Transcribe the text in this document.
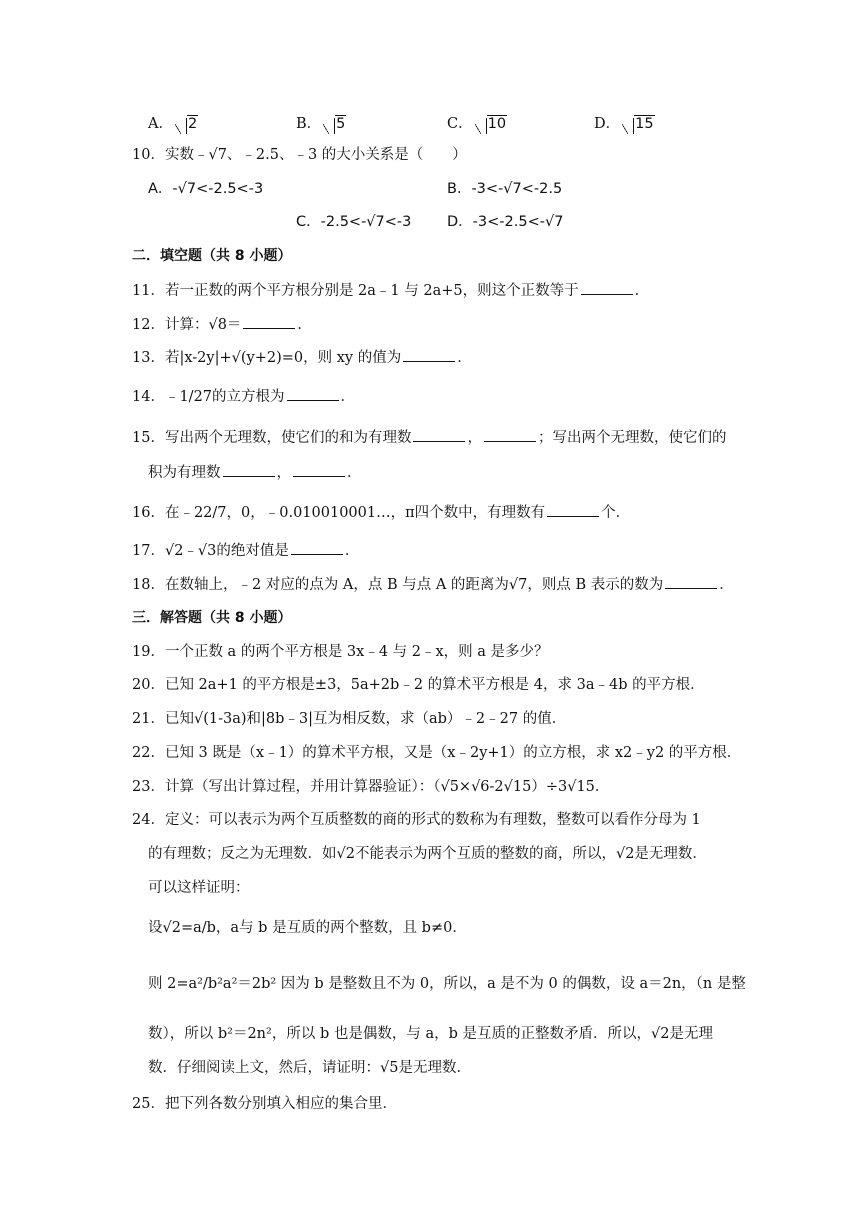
A． 2	B． 5	C． 10	D． 15
10．实数﹣√7、﹣2.5、﹣3 的大小关系是（　　）
A．-√7<-2.5<-3	B．-3<-√7<-2.5
C．-2.5<-√7<-3 D．-3<-2.5<-√7
二．填空题（共 8 小题）
11．若一正数的两个平方根分别是 2a﹣1 与 2a+5，则这个正数等于	．
12．计算：√8＝	．
13．若|x-2y|+√(y+2)=0，则 xy 的值为	．
14．﹣1/27的立方根为	．
15．写出两个无理数，使它们的和为有理数	，	；写出两个无理数，使它们的
积为有理数	，	．
16．在﹣22/7，0，﹣0.010010001…，π四个数中，有理数有	个．
17．√2﹣√3的绝对值是	．
18．在数轴上，﹣2 对应的点为 A，点 B 与点 A 的距离为√7，则点 B 表示的数为	．
三．解答题（共 8 小题）
19．一个正数 a 的两个平方根是 3x﹣4 与 2﹣x，则 a 是多少？
20．已知 2a+1 的平方根是±3，5a+2b﹣2 的算术平方根是 4，求 3a﹣4b 的平方根．
21．已知√(1-3a)和|8b﹣3|互为相反数，求（ab）﹣2﹣27 的值．
22．已知 3 既是（x﹣1）的算术平方根，又是（x﹣2y+1）的立方根，求 x2﹣y2 的平方根．
23．计算（写出计算过程，并用计算器验证）：（√5×√6-2√15）÷3√15．
24．定义：可以表示为两个互质整数的商的形式的数称为有理数，整数可以看作分母为 1
的有理数；反之为无理数．如√2不能表示为两个互质的整数的商，所以，√2是无理数．
可以这样证明：
设√2=a/b，a与 b 是互质的两个整数，且 b≠0．
则 2=a²/b²a²＝2b² 因为 b 是整数且不为 0，所以，a 是不为 0 的偶数，设 a＝2n，（n 是整
数），所以 b²＝2n²，所以 b 也是偶数，与 a，b 是互质的正整数矛盾．所以，√2是无理
数．仔细阅读上文，然后，请证明：√5是无理数．
25．把下列各数分别填入相应的集合里．
